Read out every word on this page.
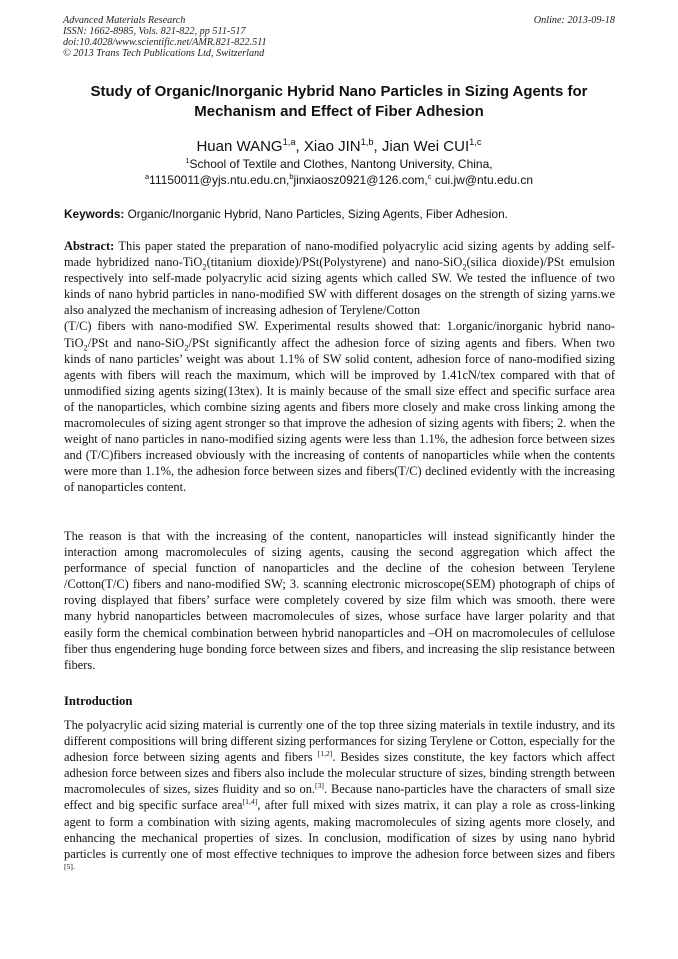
Advanced Materials Research
ISSN: 1662-8985, Vols. 821-822, pp 511-517
doi:10.4028/www.scientific.net/AMR.821-822.511
© 2013 Trans Tech Publications Ltd, Switzerland
Online: 2013-09-18
Study of Organic/Inorganic Hybrid Nano Particles in Sizing Agents for
Mechanism and Effect of Fiber Adhesion
Huan WANG$^{1,a}$, Xiao JIN$^{1,b}$, Jian Wei CUI$^{1,c}$
$^1$School of Textile and Clothes, Nantong University, China,
$^a$11150011@yjs.ntu.edu.cn,$^b$jinxiaosz0921@126.com,$^c$ cui.jw@ntu.edu.cn
Keywords: Organic/Inorganic Hybrid, Nano Particles, Sizing Agents, Fiber Adhesion.

Abstract: This paper stated the preparation of nano-modified polyacrylic acid sizing agents by adding self-made hybridized nano-TiO$_2$(titanium dioxide)/PSt(Polystyrene) and nano-SiO$_2$(silica dioxide)/PSt emulsion respectively into self-made polyacrylic acid sizing agents which called SW. We tested the influence of two kinds of nano hybrid particles in nano-modified SW with different dosages on the strength of sizing yarns.we also analyzed the mechanism of increasing adhesion of Terylene/Cotton

(T/C) fibers with nano-modified SW. Experimental results showed that: 1.organic/inorganic hybrid nano-TiO$_2$/PSt and nano-SiO$_2$/PSt significantly affect the adhesion force of sizing agents and fibers. When two kinds of nano particles’ weight was about 1.1% of SW solid content, adhesion force of nano-modified sizing agents with fibers will reach the maximum, which will be improved by 1.41cN/tex compared with that of unmodified sizing agents sizing(13tex). It is mainly because of the small size effect and specific surface area of the nanoparticles, which combine sizing agents and fibers more closely and make cross linking among the macromolecules of sizing agent stronger so that improve the adhesion of sizing agents with fibers; 2. when the weight of nano particles in nano-modified sizing agents were less than 1.1%, the adhesion force between sizes and (T/C)fibers increased obviously with the increasing of contents of nanoparticles while when the contents were more than 1.1%, the adhesion force between sizes and fibers(T/C) declined evidently with the increasing of nanoparticles content.

The reason is that with the increasing of the content, nanoparticles will instead significantly hinder the interaction among macromolecules of sizing agents, causing the second aggregation which affect the performance of special function of nanoparticles and the decline of the cohesion between Terylene /Cotton(T/C) fibers and nano-modified SW; 3. scanning electronic microscope(SEM) photograph of chips of roving displayed that fibers’ surface were completely covered by size film which was smooth. there were many hybrid nanoparticles between macromolecules of sizes, whose surface have larger polarity and that easily form the chemical combination between hybrid nanoparticles and –OH on macromolecules of cellulose fiber thus engendering huge bonding force between sizes and fibers, and increasing the slip resistance between fibers.

Introduction

The polyacrylic acid sizing material is currently one of the top three sizing materials in textile industry, and its different compositions will bring different sizing performances for sizing Terylene or Cotton, especially for the adhesion force between sizing agents and fibers [1,2]. Besides sizes constitute, the key factors which affect adhesion force between sizes and fibers also include the molecular structure of sizes, binding strength between macromolecules of sizes, sizes fluidity and so on.[3]. Because nano-particles have the characters of small size effect and big specific surface area[1,4], after full mixed with sizes matrix, it can play a role as cross-linking agent to form a combination with sizing agents, making macromolecules of sizing agents more closely, and enhancing the mechanical properties of sizes. In conclusion, modification of sizes by using nano hybrid particles is currently one of most effective techniques to improve the adhesion force between sizes and fibers $^{[5].}$
